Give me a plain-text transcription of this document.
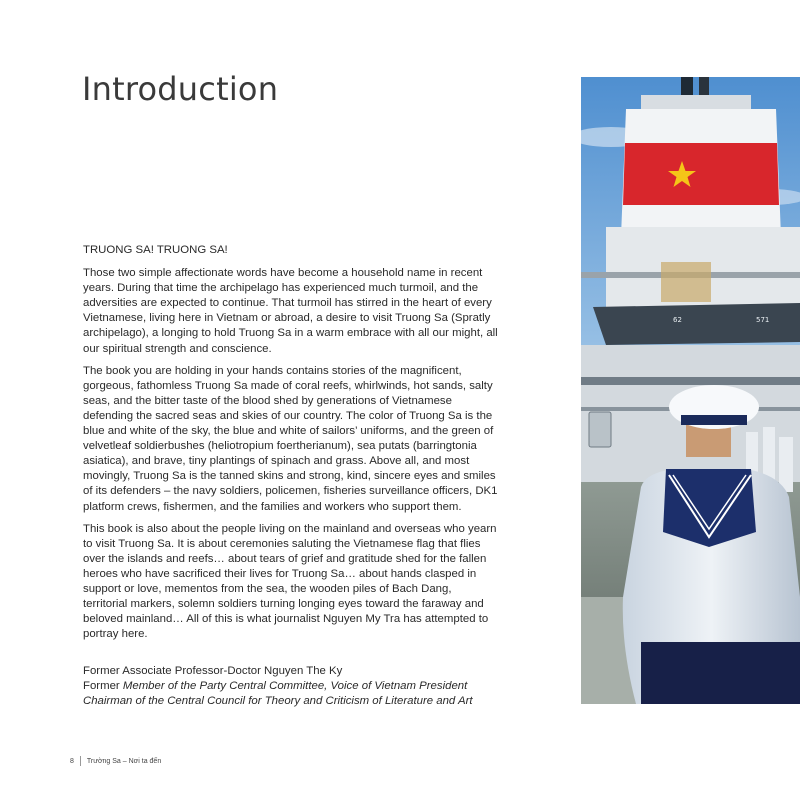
Introduction

TRUONG SA! TRUONG SA!

Those two simple affectionate words have become a household name in recent years. During that time the archipelago has experienced much turmoil, and the adversities are expected to continue. That turmoil has stirred in the heart of every Vietnamese, living here in Vietnam or abroad, a desire to visit Truong Sa (Spratly archipelago), a longing to hold Truong Sa in a warm embrace with all our might, all our spiritual strength and conscience.

The book you are holding in your hands contains stories of the magnificent, gorgeous, fathomless Truong Sa made of coral reefs, whirlwinds, hot sands, salty seas, and the bitter taste of the blood shed by generations of Vietnamese defending the sacred seas and skies of our country. The color of Truong Sa is the blue and white of the sky, the blue and white of sailors’ uniforms, and the green of velvetleaf soldierbushes (heliotropium foertherianum), sea putats (barringtonia asiatica), and brave, tiny plantings of spinach and grass. Above all, and most movingly, Truong Sa is the tanned skins and strong, kind, sincere eyes and smiles of its defenders – the navy soldiers, policemen, fisheries surveillance officers, DK1 platform crews, fishermen, and the families and workers who support them.

This book is also about the people living on the mainland and overseas who yearn to visit Truong Sa. It is about ceremonies saluting the Vietnamese flag that flies over the islands and reefs… about tears of grief and gratitude shed for the fallen heroes who have sacrificed their lives for Truong Sa… about hands clasped in support or love, mementos from the sea, the wooden piles of Bach Dang, territorial markers, solemn soldiers turning longing eyes toward the faraway and beloved mainland… All of this is what journalist Nguyen My Tra has attempted to portray here.

Former Associate Professor-Doctor Nguyen The Ky
Former Member of the Party Central Committee, Voice of Vietnam President
Chairman of the Central Council for Theory and Criticism of Literature and Art
8 Trường Sa – Nơi ta đến
62	571
